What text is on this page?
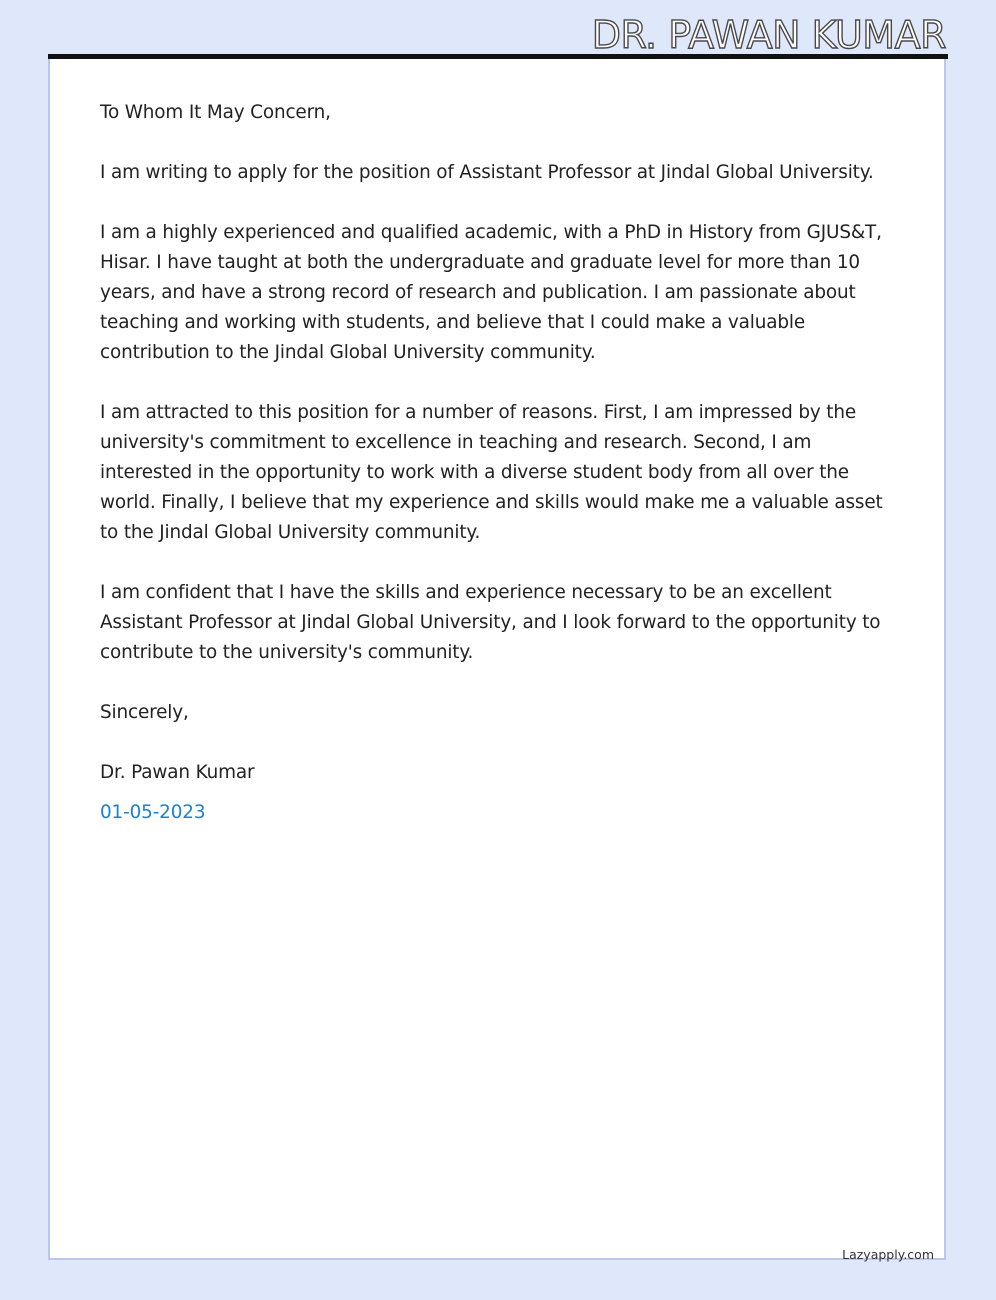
DR. PAWAN KUMAR

To Whom It May Concern,

I am writing to apply for the position of Assistant Professor at Jindal Global University.

I am a highly experienced and qualified academic, with a PhD in History from GJUS&T, Hisar. I have taught at both the undergraduate and graduate level for more than 10 years, and have a strong record of research and publication. I am passionate about teaching and working with students, and believe that I could make a valuable contribution to the Jindal Global University community.

I am attracted to this position for a number of reasons. First, I am impressed by the university's commitment to excellence in teaching and research. Second, I am interested in the opportunity to work with a diverse student body from all over the world. Finally, I believe that my experience and skills would make me a valuable asset to the Jindal Global University community.

I am confident that I have the skills and experience necessary to be an excellent Assistant Professor at Jindal Global University, and I look forward to the opportunity to contribute to the university's community.

Sincerely,

Dr. Pawan Kumar

01-05-2023

Lazyapply.com
